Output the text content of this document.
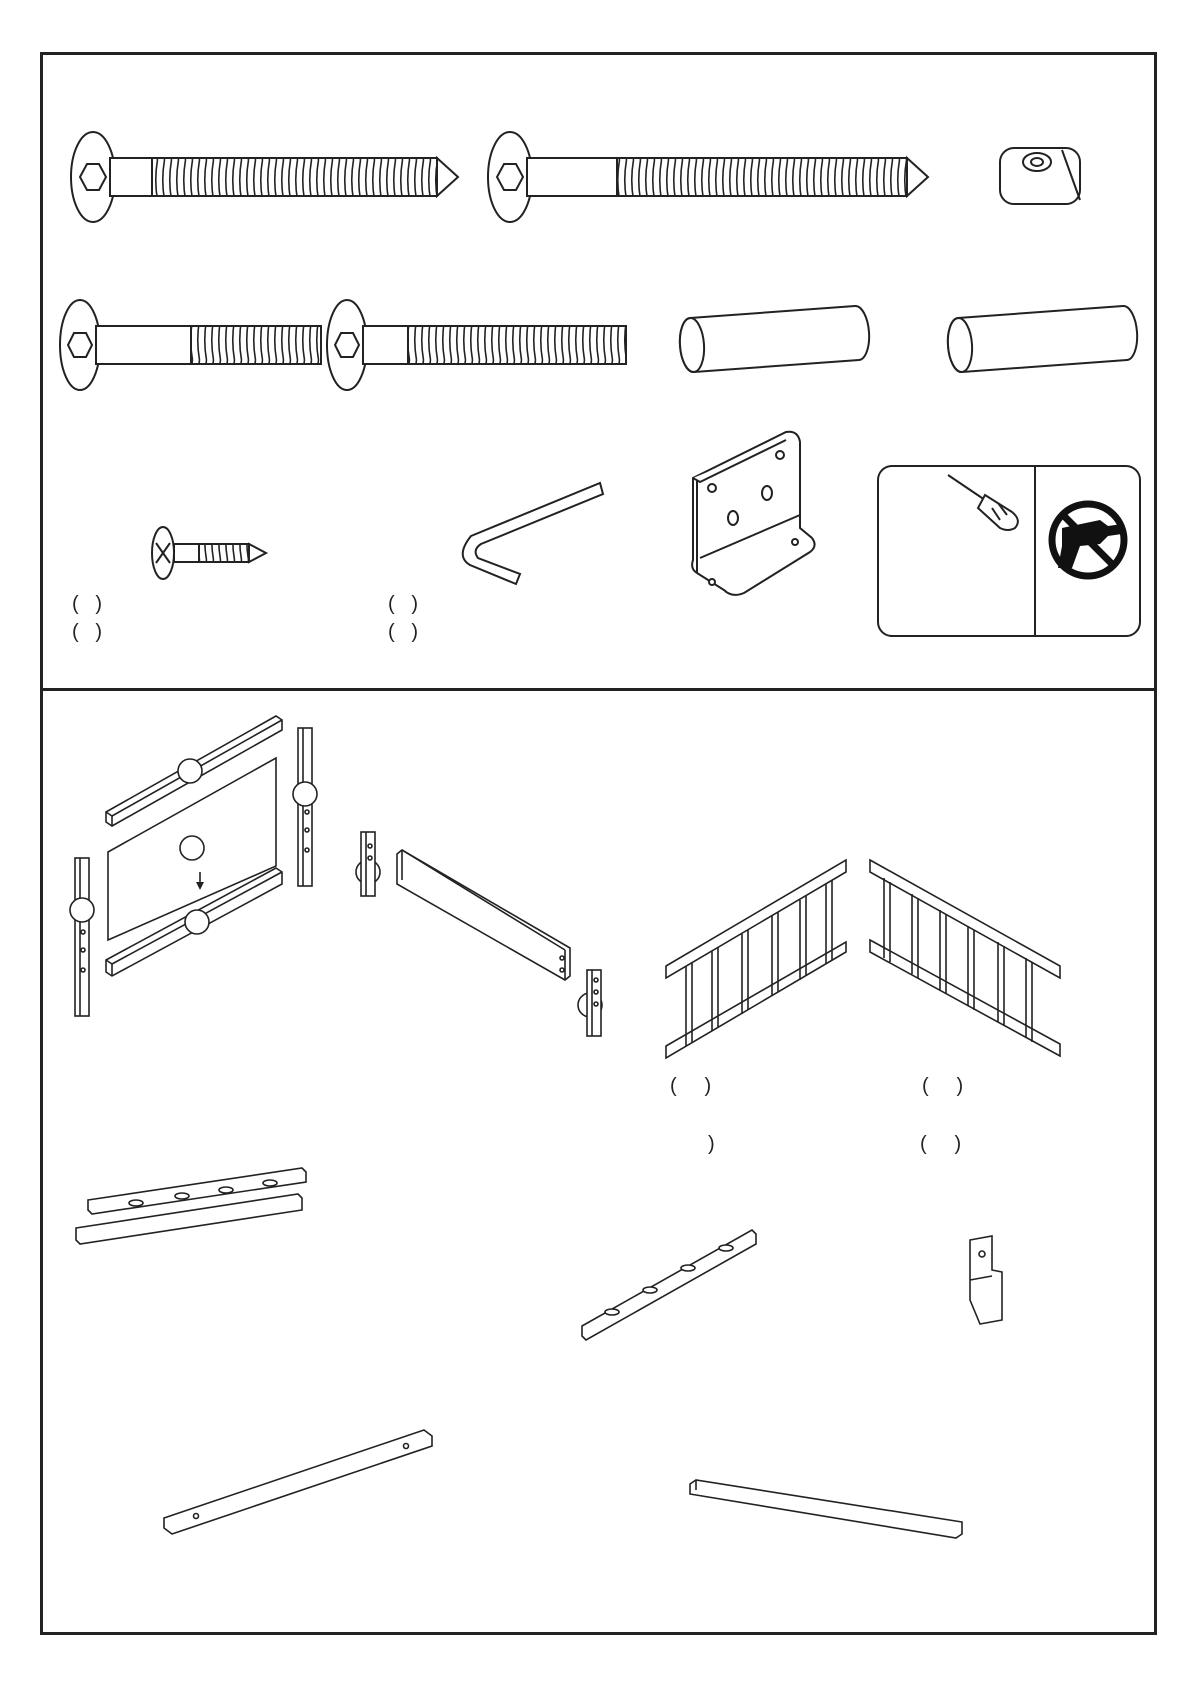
(   )
(   )
(   )
(   )
(     )	(     )
)	(     )
